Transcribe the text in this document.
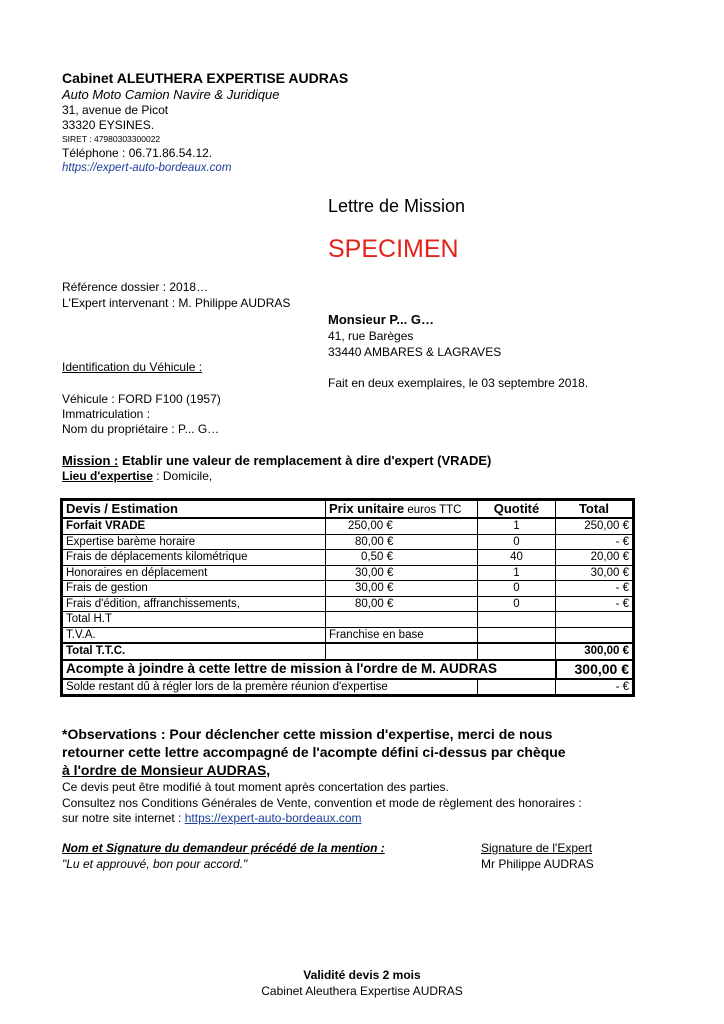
Cabinet ALEUTHERA EXPERTISE AUDRAS
Auto Moto Camion Navire & Juridique
31, avenue de Picot
33320 EYSINES.
SIRET : 47980303300022
Téléphone : 06.71.86.54.12.
https://expert-auto-bordeaux.com
Lettre de Mission
SPECIMEN
Référence dossier : 2018…
L'Expert intervenant : M. Philippe AUDRAS
Monsieur P... G…
41, rue Barèges
33440 AMBARES & LAGRAVES
Identification du Véhicule :
Fait en deux exemplaires, le 03 septembre 2018.
Véhicule : FORD F100 (1957)
Immatriculation :
Nom du propriétaire : P... G…
Mission : Etablir une valeur de remplacement à dire d'expert (VRADE)
Lieu d'expertise : Domicile,
Devis / Estimation	Prix unitaire euros TTC	Quotité	Total
Forfait VRADE	250,00 €	1	250,00 €
Expertise barème horaire	80,00 €	0	- €
Frais de déplacements kilométrique	0,50 €	40	20,00 €
Honoraires en déplacement	30,00 €	1	30,00 €
Frais de gestion	30,00 €	0	- €
Frais d'édition, affranchissements,	80,00 €	0	- €
Total H.T			
T.V.A.	Franchise en base		
Total T.T.C.			300,00 €
Acompte à joindre à cette lettre de mission à l'ordre de M. AUDRAS			300,00 €
Solde restant dû à régler lors de la premère réunion d'expertise			- €
*Observations : Pour déclencher cette mission d'expertise, merci de nous
retourner cette lettre accompagné de l'acompte défini ci-dessus par chèque
à l'ordre de Monsieur AUDRAS,
Ce devis peut être modifié à tout moment après concertation des parties.
Consultez nos Conditions Générales de Vente, convention et mode de règlement des honoraires :
sur notre site internet : https://expert-auto-bordeaux.com
Nom et Signature du demandeur précédé de la mention :
"Lu et approuvé, bon pour accord."
Signature de l'Expert
Mr Philippe AUDRAS
Validité devis 2 mois
Cabinet Aleuthera Expertise AUDRAS
